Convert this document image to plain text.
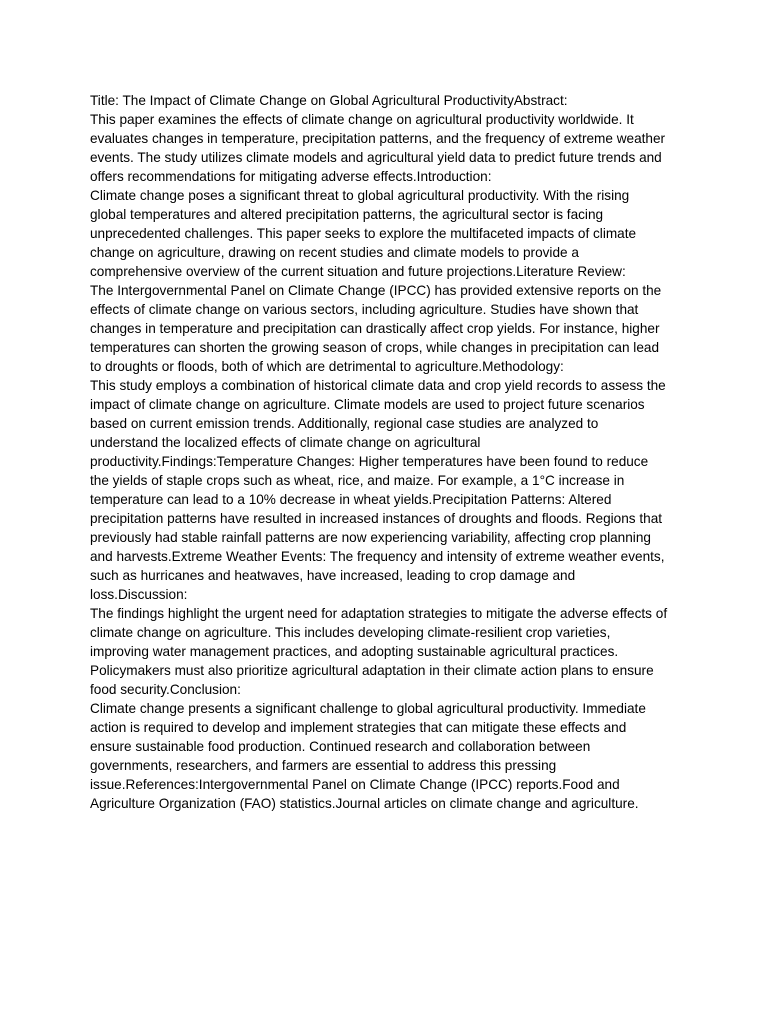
Title: The Impact of Climate Change on Global Agricultural ProductivityAbstract:
This paper examines the effects of climate change on agricultural productivity worldwide. It
evaluates changes in temperature, precipitation patterns, and the frequency of extreme weather
events. The study utilizes climate models and agricultural yield data to predict future trends and
offers recommendations for mitigating adverse effects.Introduction:
Climate change poses a significant threat to global agricultural productivity. With the rising
global temperatures and altered precipitation patterns, the agricultural sector is facing
unprecedented challenges. This paper seeks to explore the multifaceted impacts of climate
change on agriculture, drawing on recent studies and climate models to provide a
comprehensive overview of the current situation and future projections.Literature Review:
The Intergovernmental Panel on Climate Change (IPCC) has provided extensive reports on the
effects of climate change on various sectors, including agriculture. Studies have shown that
changes in temperature and precipitation can drastically affect crop yields. For instance, higher
temperatures can shorten the growing season of crops, while changes in precipitation can lead
to droughts or floods, both of which are detrimental to agriculture.Methodology:
This study employs a combination of historical climate data and crop yield records to assess the
impact of climate change on agriculture. Climate models are used to project future scenarios
based on current emission trends. Additionally, regional case studies are analyzed to
understand the localized effects of climate change on agricultural
productivity.Findings:Temperature Changes: Higher temperatures have been found to reduce
the yields of staple crops such as wheat, rice, and maize. For example, a 1°C increase in
temperature can lead to a 10% decrease in wheat yields.Precipitation Patterns: Altered
precipitation patterns have resulted in increased instances of droughts and floods. Regions that
previously had stable rainfall patterns are now experiencing variability, affecting crop planning
and harvests.Extreme Weather Events: The frequency and intensity of extreme weather events,
such as hurricanes and heatwaves, have increased, leading to crop damage and
loss.Discussion:
The findings highlight the urgent need for adaptation strategies to mitigate the adverse effects of
climate change on agriculture. This includes developing climate-resilient crop varieties,
improving water management practices, and adopting sustainable agricultural practices.
Policymakers must also prioritize agricultural adaptation in their climate action plans to ensure
food security.Conclusion:
Climate change presents a significant challenge to global agricultural productivity. Immediate
action is required to develop and implement strategies that can mitigate these effects and
ensure sustainable food production. Continued research and collaboration between
governments, researchers, and farmers are essential to address this pressing
issue.References:Intergovernmental Panel on Climate Change (IPCC) reports.Food and
Agriculture Organization (FAO) statistics.Journal articles on climate change and agriculture.
